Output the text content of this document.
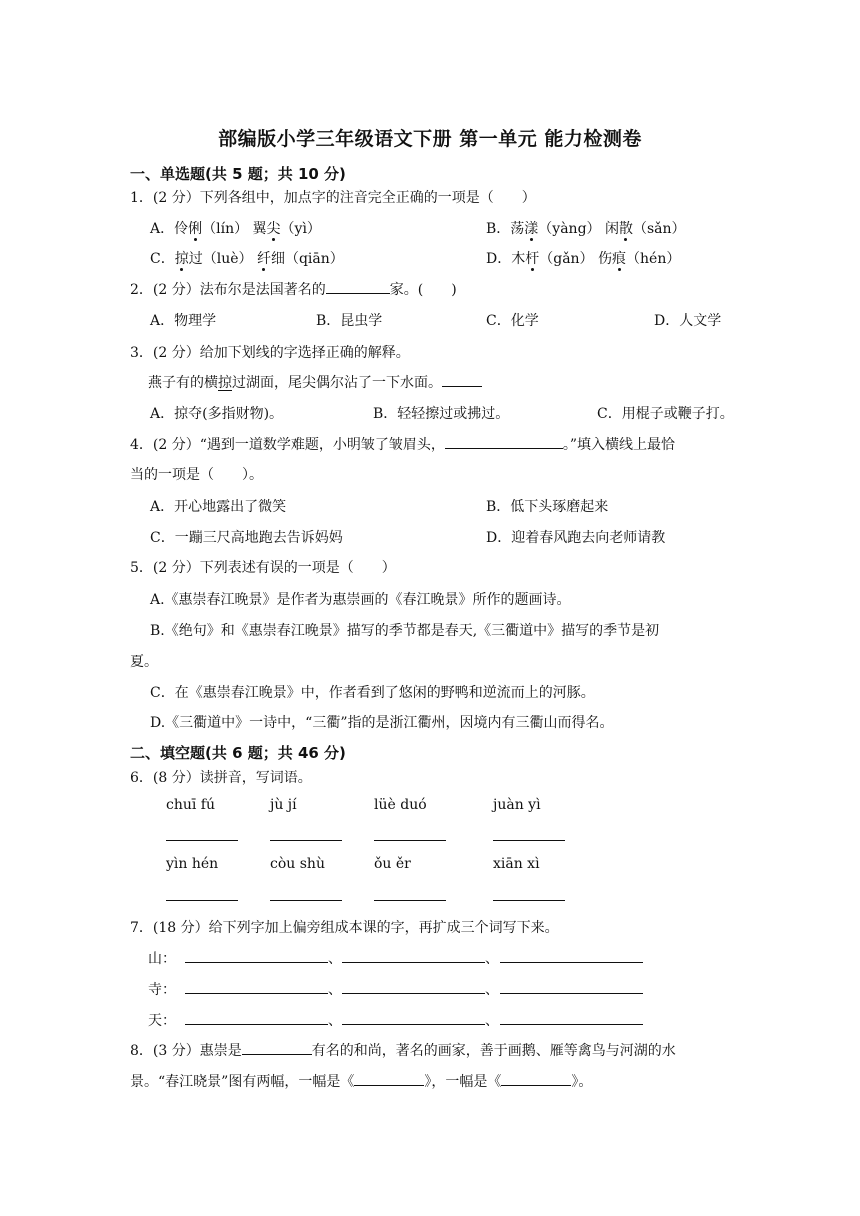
部编版小学三年级语文下册 第一单元 能力检测卷
一、单选题(共 5 题；共 10 分)
1．(2 分）下列各组中，加点字的注音完全正确的一项是（　　）
A．伶俐（lín） 翼尖（yì）	B．荡漾（yàng） 闲散（sǎn）
C．掠过（luè） 纤细（qiān）	D．木杆（gǎn） 伤痕（hén）
2．(2 分）法布尔是法国著名的	家。(　　)
A．物理学	B．昆虫学	C．化学	D．人文学
3．(2 分）给加下划线的字选择正确的解释。
燕子有的横掠过湖面，尾尖偶尔沾了一下水面。
A．掠夺(多指财物)。	B．轻轻擦过或拂过。	C．用棍子或鞭子打。
4．(2 分）“遇到一道数学难题，小明皱了皱眉头，	。”填入横线上最恰
当的一项是（　　）。
A．开心地露出了微笑	B．低下头琢磨起来
C．一蹦三尺高地跑去告诉妈妈	D．迎着春风跑去向老师请教
5．(2 分）下列表述有误的一项是（　　）
A.《惠崇春江晚景》是作者为惠崇画的《春江晚景》所作的题画诗。
B.《绝句》和《惠崇春江晚景》描写的季节都是春天,《三衢道中》描写的季节是初
夏。
C．在《惠崇春江晚景》中，作者看到了悠闲的野鸭和逆流而上的河豚。
D.《三衢道中》一诗中，“三衢”指的是浙江衢州，因境内有三衢山而得名。
二、填空题(共 6 题；共 46 分)
6．(8 分）读拼音，写词语。
chuī fú	jù jí	lüè duó	juàn yì
yìn hén	còu shù	ǒu ěr	xiān xì
7．(18 分）给下列字加上偏旁组成本课的字，再扩成三个词写下来。
山：	、	、
寺：	、	、
天：	、	、
8．(3 分）惠崇是	有名的和尚，著名的画家，善于画鹅、雁等禽鸟与河湖的水
景。“春江晓景”图有两幅，一幅是《	》，一幅是《	》。
